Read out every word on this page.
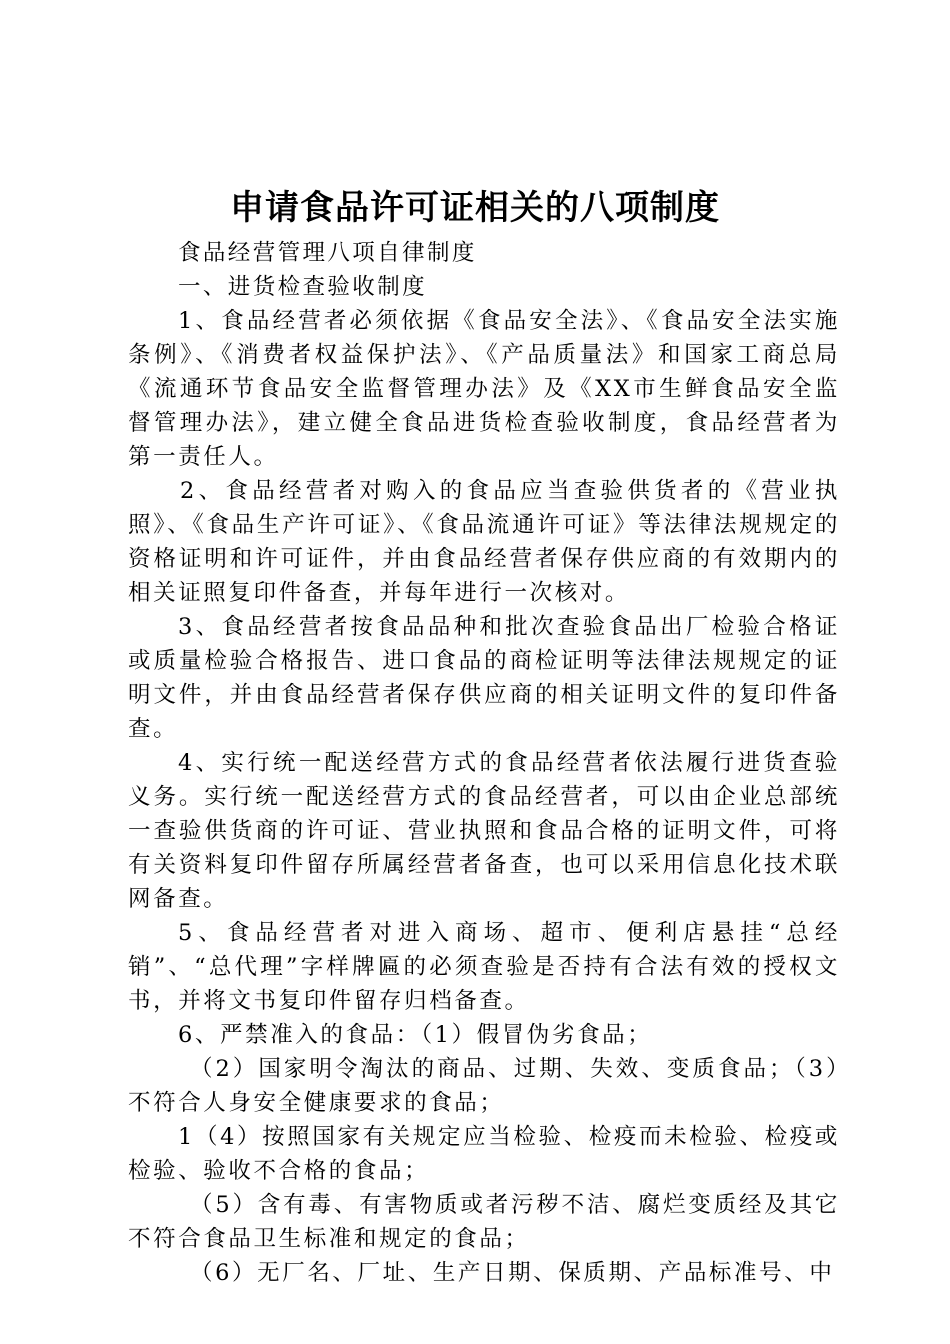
申请食品许可证相关的八项制度

食品经营管理八项自律制度

一、进货检查验收制度

1、食品经营者必须依据《食品安全法》、《食品安全法实施条例》、《消费者权益保护法》、《产品质量法》和国家工商总局《流通环节食品安全监督管理办法》及《XX市生鲜食品安全监督管理办法》，建立健全食品进货检查验收制度，食品经营者为第一责任人。

2、食品经营者对购入的食品应当查验供货者的《营业执照》、《食品生产许可证》、《食品流通许可证》等法律法规规定的资格证明和许可证件，并由食品经营者保存供应商的有效期内的相关证照复印件备查，并每年进行一次核对。

3、食品经营者按食品品种和批次查验食品出厂检验合格证或质量检验合格报告、进口食品的商检证明等法律法规规定的证明文件，并由食品经营者保存供应商的相关证明文件的复印件备查。

4、实行统一配送经营方式的食品经营者依法履行进货查验义务。实行统一配送经营方式的食品经营者，可以由企业总部统一查验供货商的许可证、营业执照和食品合格的证明文件，可将有关资料复印件留存所属经营者备查，也可以采用信息化技术联网备查。

5、食品经营者对进入商场、超市、便利店悬挂“总经销”、“总代理”字样牌匾的必须查验是否持有合法有效的授权文书，并将文书复印件留存归档备查。

6、严禁准入的食品：（1）假冒伪劣食品；

（2）国家明令淘汰的商品、过期、失效、变质食品；（3）不符合人身安全健康要求的食品；

1（4）按照国家有关规定应当检验、检疫而未检验、检疫或检验、验收不合格的食品；

（5）含有毒、有害物质或者污秽不洁、腐烂变质经及其它不符合食品卫生标准和规定的食品；

（6）无厂名、厂址、生产日期、保质期、产品标准号、中
